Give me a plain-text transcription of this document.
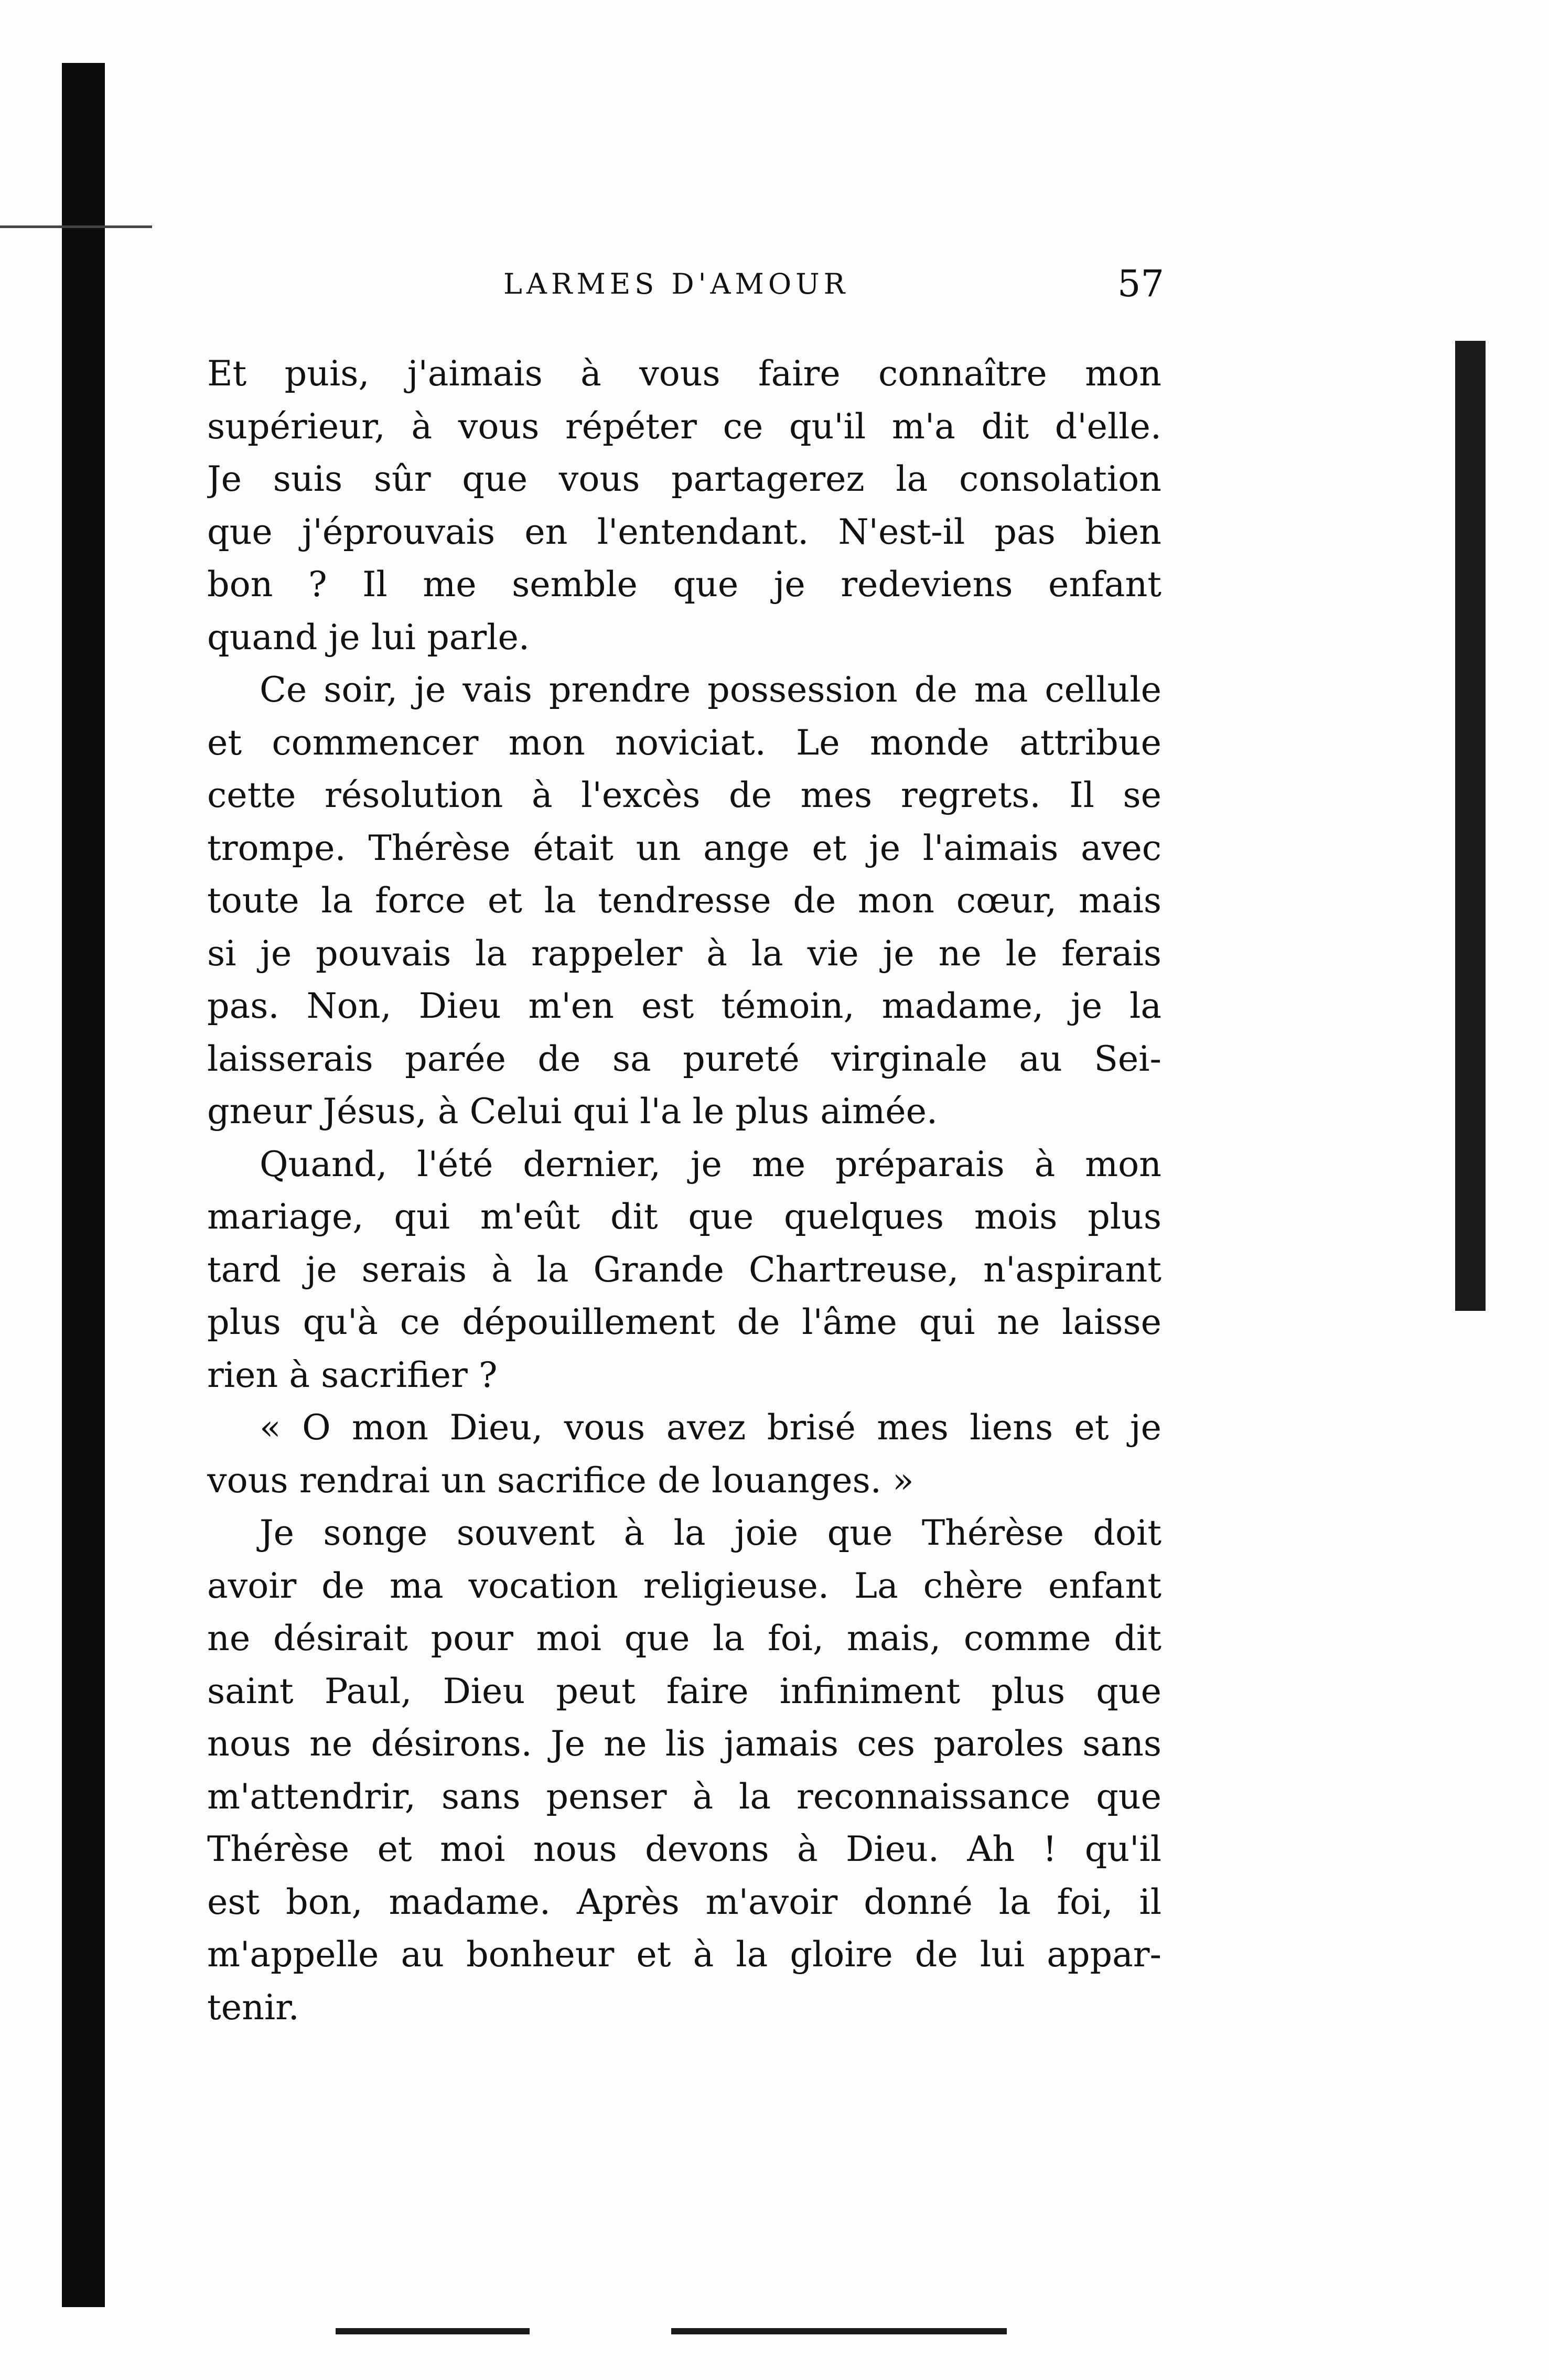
LARMES D'AMOUR	57
Et puis, j'aimais à vous faire connaître mon
supérieur, à vous répéter ce qu'il m'a dit d'elle.
Je suis sûr que vous partagerez la consolation
que j'éprouvais en l'entendant. N'est-il pas bien
bon ? Il me semble que je redeviens enfant
quand je lui parle.
Ce soir, je vais prendre possession de ma cellule
et commencer mon noviciat. Le monde attribue
cette résolution à l'excès de mes regrets. Il se
trompe. Thérèse était un ange et je l'aimais avec
toute la force et la tendresse de mon cœur, mais
si je pouvais la rappeler à la vie je ne le ferais
pas. Non, Dieu m'en est témoin, madame, je la
laisserais parée de sa pureté virginale au Sei-
gneur Jésus, à Celui qui l'a le plus aimée.
Quand, l'été dernier, je me préparais à mon
mariage, qui m'eût dit que quelques mois plus
tard je serais à la Grande Chartreuse, n'aspirant
plus qu'à ce dépouillement de l'âme qui ne laisse
rien à sacrifier ?
« O mon Dieu, vous avez brisé mes liens et je
vous rendrai un sacrifice de louanges. »
Je songe souvent à la joie que Thérèse doit
avoir de ma vocation religieuse. La chère enfant
ne désirait pour moi que la foi, mais, comme dit
saint Paul, Dieu peut faire infiniment plus que
nous ne désirons. Je ne lis jamais ces paroles sans
m'attendrir, sans penser à la reconnaissance que
Thérèse et moi nous devons à Dieu. Ah ! qu'il
est bon, madame. Après m'avoir donné la foi, il
m'appelle au bonheur et à la gloire de lui appar-
tenir.
